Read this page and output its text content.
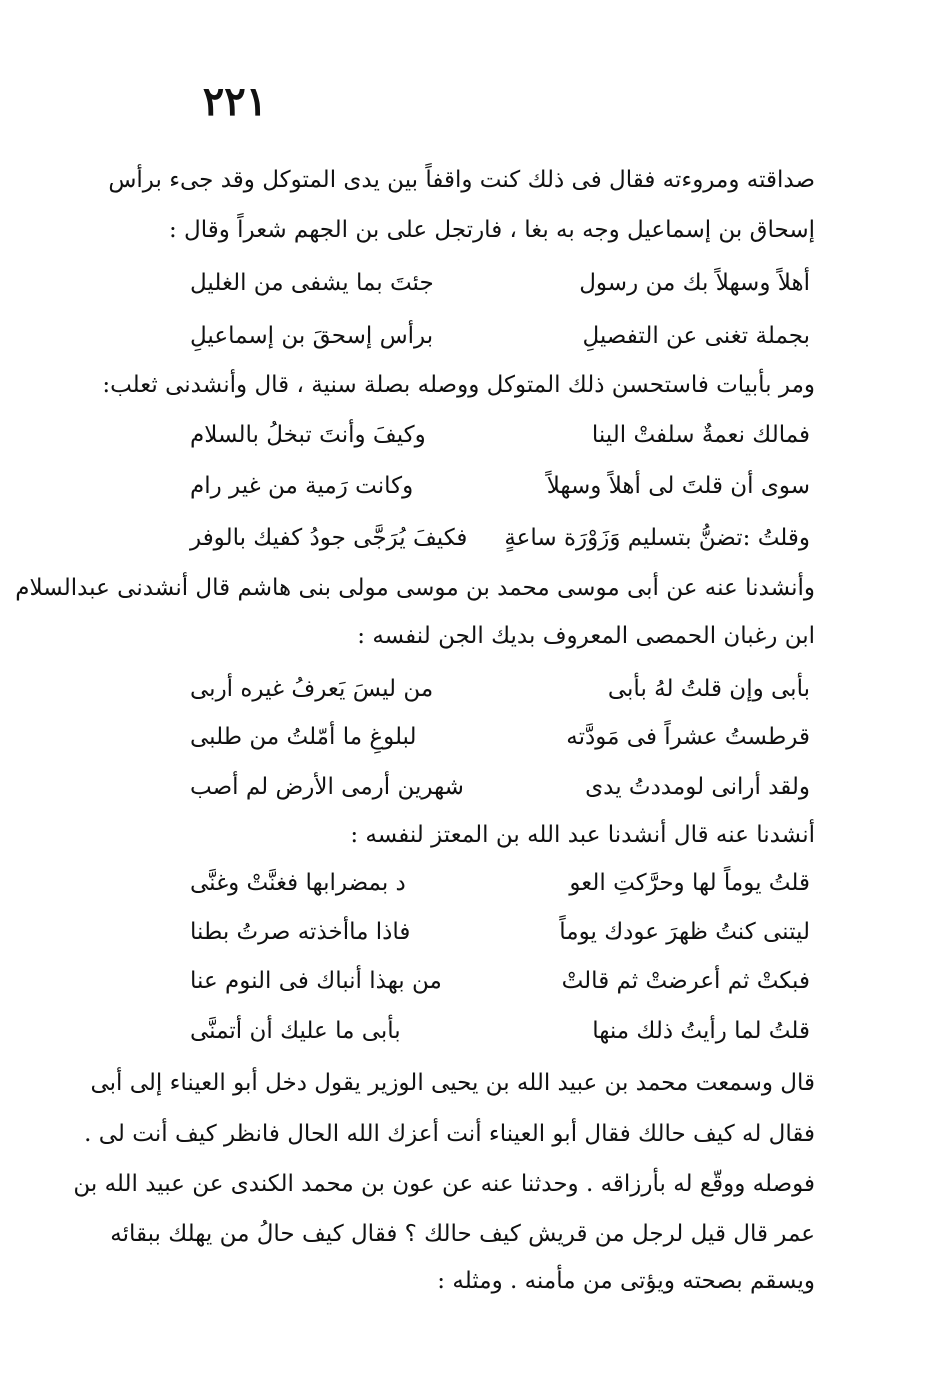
٢٢١
صداقته ومروءته فقال فى ذلك كنت واقفاً بين يدى المتوكل وقد جىء برأس
إسحاق بن إسماعيل وجه به بغا ، فارتجل على بن الجهم شعراً وقال :
أهلاً وسهلاً بك من رسول
جئتَ بما يشفى من الغليل
بجملة تغنى عن التفصيلِ
برأس إسحقَ بن إسماعيلِ
ومر بأبيات فاستحسن ذلك المتوكل ووصله بصلة سنية ، قال وأنشدنى ثعلب:
فمالك نعمةٌ سلفتْ الينا
وكيفَ وأنتَ تبخلُ بالسلام
سوى أن قلتَ لى أهلاً وسهلاً
وكانت رَمية من غير رام
وقلتُ :تضنُّ بتسليم وَزَوْرَة ساعةٍ
فكيفَ يُرَجَّى جودُ كفيك بالوفر
وأنشدنا عنه عن أبى موسى محمد بن موسى مولى بنى هاشم قال أنشدنى عبدالسلام
ابن رغبان الحمصى المعروف بديك الجن لنفسه :
بأبى وإن قلتُ لهُ بأبى
من ليسَ يَعرفُ غيره أربى
قرطستُ عشراً فى مَودَّته
لبلوغِ ما أمّلتُ من طلبى
ولقد أرانى لومددتُ يدى
شهرين أرمى الأرض لم أصب
أنشدنا عنه قال أنشدنا عبد الله بن المعتز لنفسه :
قلتُ يوماً لها وحرَّكتِ العو
د بمضرابها فغنَّتْ وغنَّى
ليتنى كنتُ ظهرَ عودك يوماً
فاذا ماأخذته صرتُ بطنا
فبكتْ ثم أعرضتْ ثم قالتْ
من بهذا أنباك فى النوم عنا
قلتُ لما رأيتُ ذلك منها
بأبى ما عليك أن أتمنَّى
قال وسمعت محمد بن عبيد الله بن يحيى الوزير يقول دخل أبو العيناء إلى أبى
فقال له كيف حالك فقال أبو العيناء أنت أعزك الله الحال فانظر كيف أنت لى .
فوصله ووقّع له بأرزاقه . وحدثنا عنه عن عون بن محمد الكندى عن عبيد الله بن
عمر قال قيل لرجل من قريش كيف حالك ؟ فقال كيف حالُ من يهلك ببقائه
ويسقم بصحته ويؤتى من مأمنه . ومثله :
